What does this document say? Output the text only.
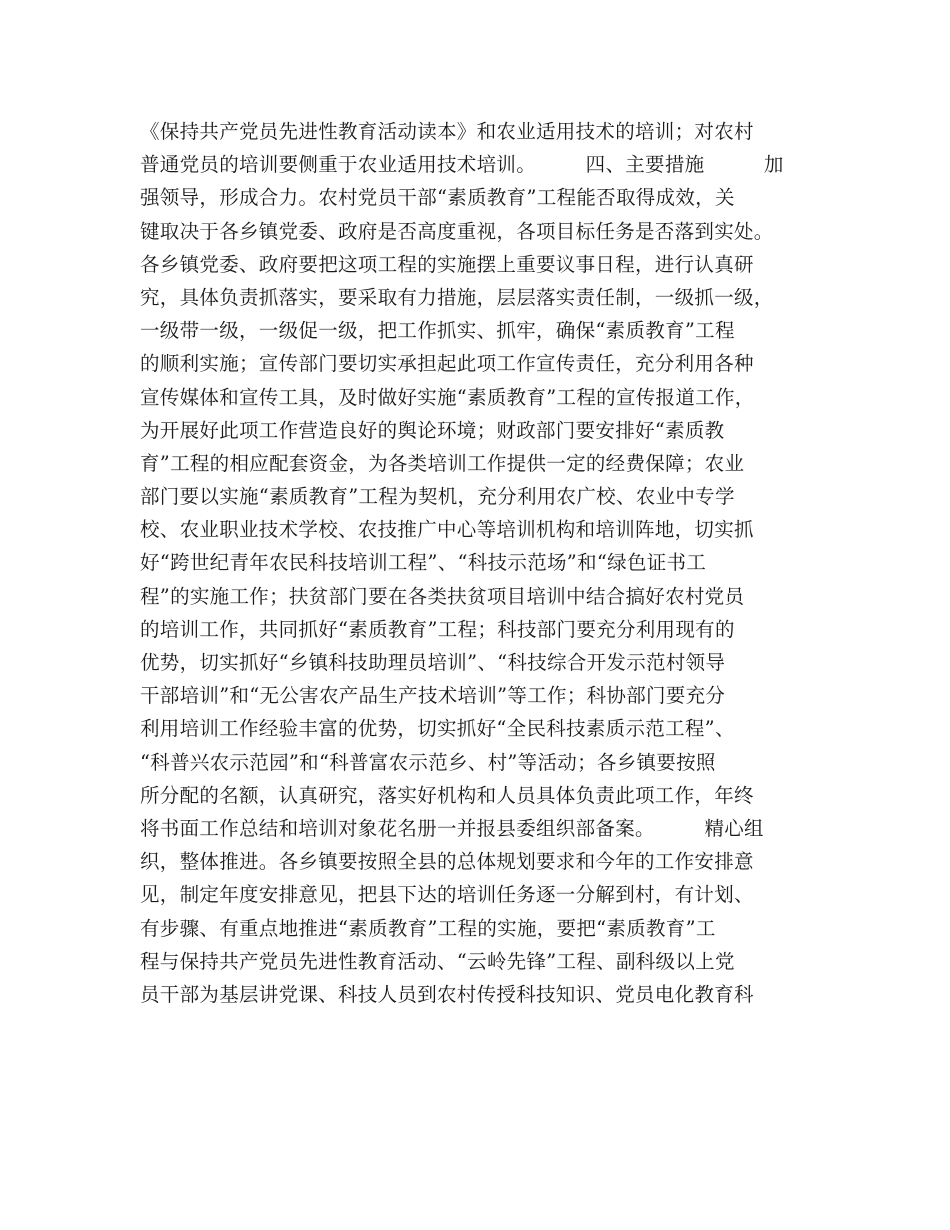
《保持共产党员先进性教育活动读本》和农业适用技术的培训；对农村
普通党员的培训要侧重于农业适用技术培训。　　　四、主要措施　　　加
强领导，形成合力。农村党员干部“素质教育”工程能否取得成效，关
键取决于各乡镇党委、政府是否高度重视，各项目标任务是否落到实处。
各乡镇党委、政府要把这项工程的实施摆上重要议事日程，进行认真研
究，具体负责抓落实，要采取有力措施，层层落实责任制，一级抓一级，
一级带一级，一级促一级，把工作抓实、抓牢，确保“素质教育”工程
的顺利实施；宣传部门要切实承担起此项工作宣传责任，充分利用各种
宣传媒体和宣传工具，及时做好实施“素质教育”工程的宣传报道工作，
为开展好此项工作营造良好的舆论环境；财政部门要安排好“素质教
育”工程的相应配套资金，为各类培训工作提供一定的经费保障；农业
部门要以实施“素质教育”工程为契机，充分利用农广校、农业中专学
校、农业职业技术学校、农技推广中心等培训机构和培训阵地，切实抓
好“跨世纪青年农民科技培训工程”、“科技示范场”和“绿色证书工
程”的实施工作；扶贫部门要在各类扶贫项目培训中结合搞好农村党员
的培训工作，共同抓好“素质教育”工程；科技部门要充分利用现有的
优势，切实抓好“乡镇科技助理员培训”、“科技综合开发示范村领导
干部培训”和“无公害农产品生产技术培训”等工作；科协部门要充分
利用培训工作经验丰富的优势，切实抓好“全民科技素质示范工程”、
“科普兴农示范园”和“科普富农示范乡、村”等活动；各乡镇要按照
所分配的名额，认真研究，落实好机构和人员具体负责此项工作，年终
将书面工作总结和培训对象花名册一并报县委组织部备案。　　　精心组
织，整体推进。各乡镇要按照全县的总体规划要求和今年的工作安排意
见，制定年度安排意见，把县下达的培训任务逐一分解到村，有计划、
有步骤、有重点地推进“素质教育”工程的实施，要把“素质教育”工
程与保持共产党员先进性教育活动、“云岭先锋”工程、副科级以上党
员干部为基层讲党课、科技人员到农村传授科技知识、党员电化教育科
